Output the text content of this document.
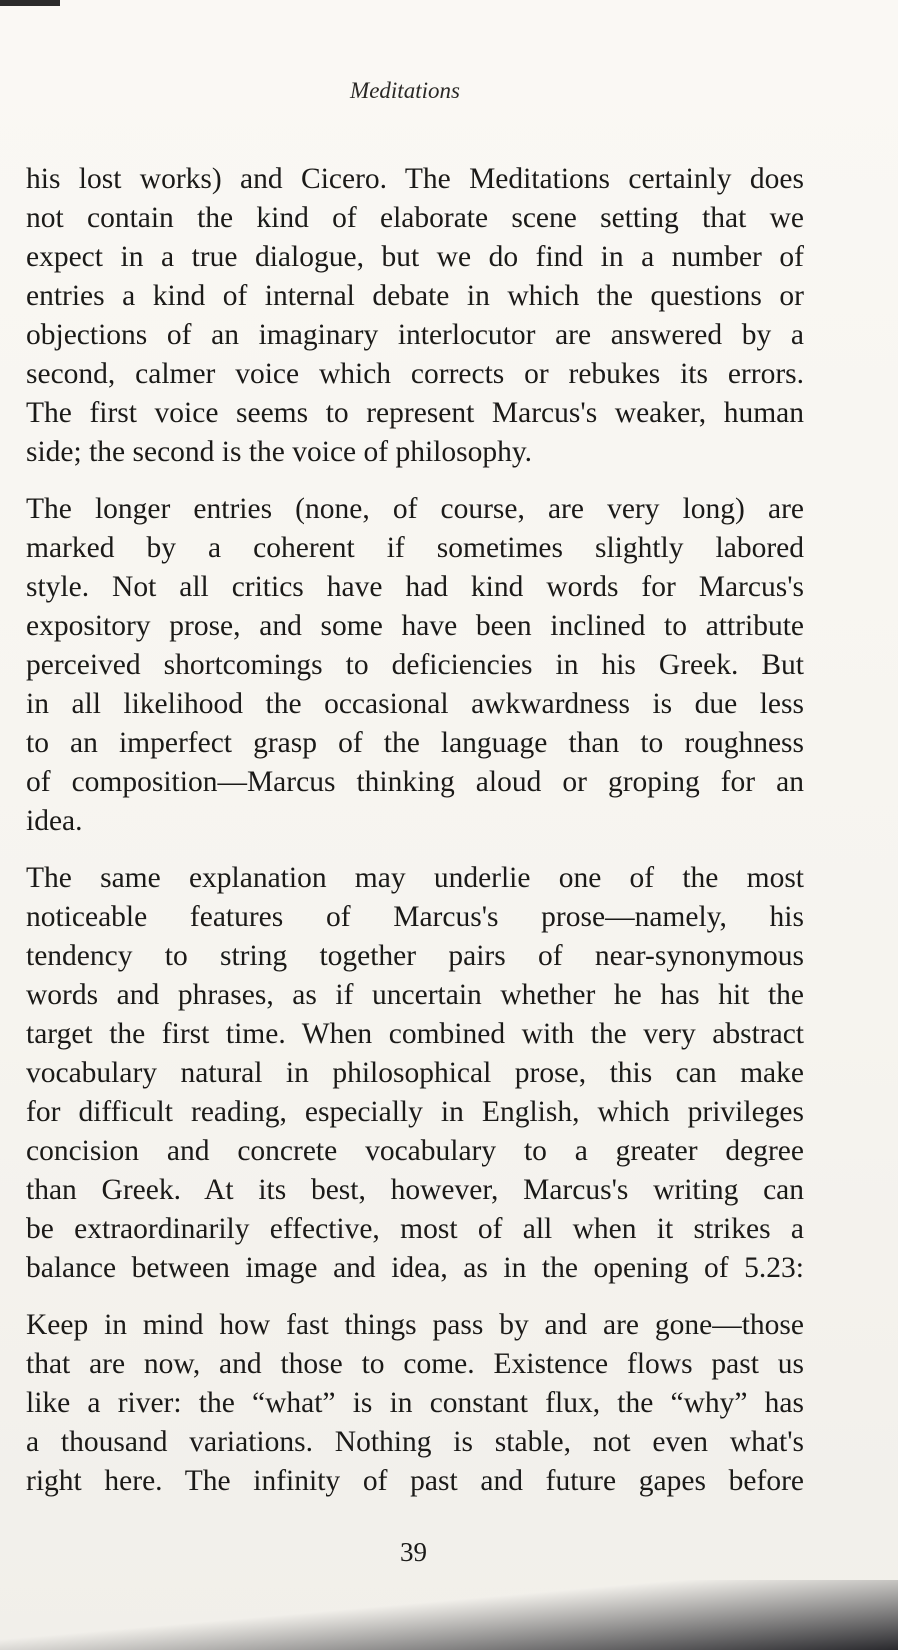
Meditations

his lost works) and Cicero. The Meditations certainly does
not contain the kind of elaborate scene setting that we
expect in a true dialogue, but we do find in a number of
entries a kind of internal debate in which the questions or
objections of an imaginary interlocutor are answered by a
second, calmer voice which corrects or rebukes its errors.
The first voice seems to represent Marcus's weaker, human
side; the second is the voice of philosophy.

The longer entries (none, of course, are very long) are
marked by a coherent if sometimes slightly labored
style. Not all critics have had kind words for Marcus's
expository prose, and some have been inclined to attribute
perceived shortcomings to deficiencies in his Greek. But
in all likelihood the occasional awkwardness is due less
to an imperfect grasp of the language than to roughness
of composition—Marcus thinking aloud or groping for an
idea.

The same explanation may underlie one of the most
noticeable features of Marcus's prose—namely, his
tendency to string together pairs of near-synonymous
words and phrases, as if uncertain whether he has hit the
target the first time. When combined with the very abstract
vocabulary natural in philosophical prose, this can make
for difficult reading, especially in English, which privileges
concision and concrete vocabulary to a greater degree
than Greek. At its best, however, Marcus's writing can
be extraordinarily effective, most of all when it strikes a
balance between image and idea, as in the opening of 5.23:

Keep in mind how fast things pass by and are gone—those
that are now, and those to come. Existence flows past us
like a river: the “what” is in constant flux, the “why” has
a thousand variations. Nothing is stable, not even what's
right here. The infinity of past and future gapes before
39
